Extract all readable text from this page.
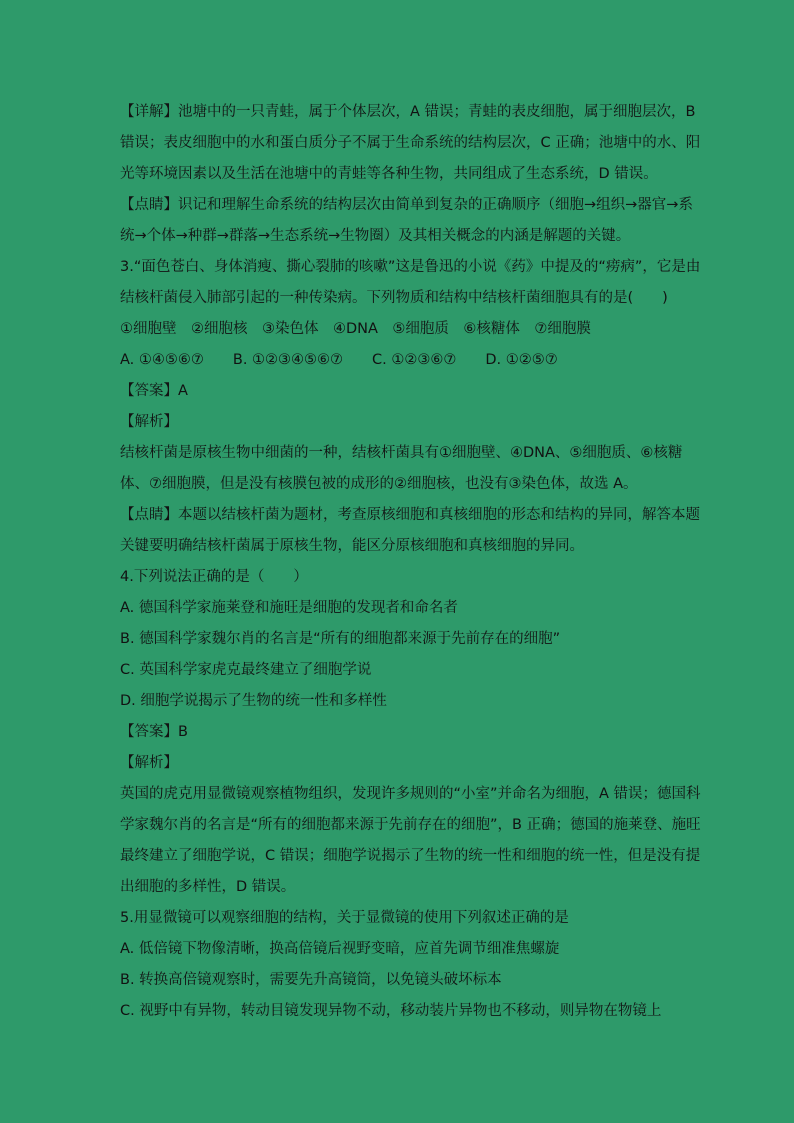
【详解】池塘中的一只青蛙，属于个体层次，A 错误；青蛙的表皮细胞，属于细胞层次，B
错误；表皮细胞中的水和蛋白质分子不属于生命系统的结构层次，C 正确；池塘中的水、阳
光等环境因素以及生活在池塘中的青蛙等各种生物，共同组成了生态系统，D 错误。
【点睛】识记和理解生命系统的结构层次由简单到复杂的正确顺序（细胞→组织→器官→系
统→个体→种群→群落→生态系统→生物圈）及其相关概念的内涵是解题的关键。
3.“面色苍白、身体消瘦、撕心裂肺的咳嗽”这是鲁迅的小说《药》中提及的“痨病”，它是由
结核杆菌侵入肺部引起的一种传染病。下列物质和结构中结核杆菌细胞具有的是(　　)
①细胞壁　②细胞核　③染色体　④DNA　⑤细胞质　⑥核糖体　⑦细胞膜
A. ①④⑤⑥⑦　　B. ①②③④⑤⑥⑦　　C. ①②③⑥⑦　　D. ①②⑤⑦
【答案】A
【解析】
结核杆菌是原核生物中细菌的一种，结核杆菌具有①细胞壁、④DNA、⑤细胞质、⑥核糖
体、⑦细胞膜，但是没有核膜包被的成形的②细胞核，也没有③染色体，故选 A。
【点睛】本题以结核杆菌为题材，考查原核细胞和真核细胞的形态和结构的异同，解答本题
关键要明确结核杆菌属于原核生物，能区分原核细胞和真核细胞的异同。
4.下列说法正确的是（　　）
A. 德国科学家施莱登和施旺是细胞的发现者和命名者
B. 德国科学家魏尔肖的名言是“所有的细胞都来源于先前存在的细胞”
C. 英国科学家虎克最终建立了细胞学说
D. 细胞学说揭示了生物的统一性和多样性
【答案】B
【解析】
英国的虎克用显微镜观察植物组织，发现许多规则的“小室”并命名为细胞，A 错误；德国科
学家魏尔肖的名言是“所有的细胞都来源于先前存在的细胞”，B 正确；德国的施莱登、施旺
最终建立了细胞学说，C 错误；细胞学说揭示了生物的统一性和细胞的统一性，但是没有提
出细胞的多样性，D 错误。
5.用显微镜可以观察细胞的结构，关于显微镜的使用下列叙述正确的是
A. 低倍镜下物像清晰，换高倍镜后视野变暗，应首先调节细准焦螺旋
B. 转换高倍镜观察时，需要先升高镜筒，以免镜头破坏标本
C. 视野中有异物，转动目镜发现异物不动，移动装片异物也不移动，则异物在物镜上
